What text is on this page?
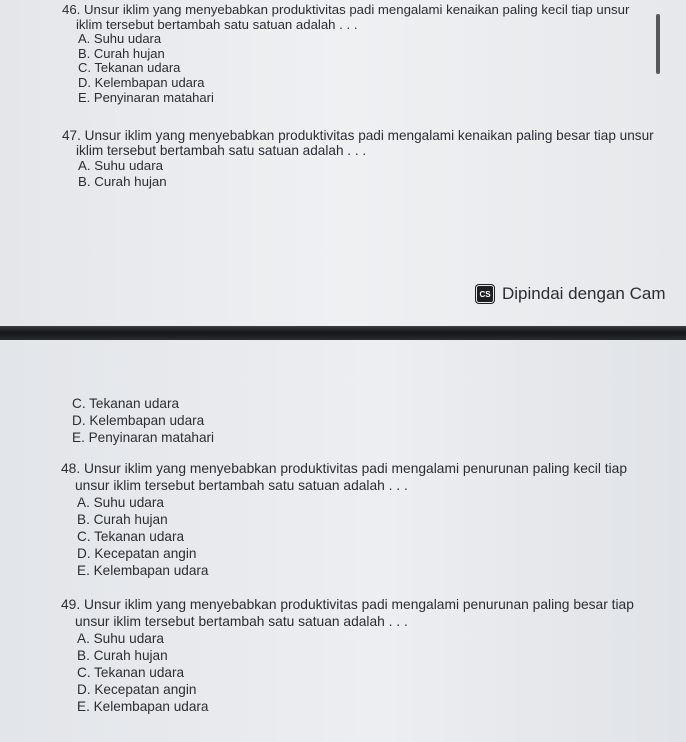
46. Unsur iklim yang menyebabkan produktivitas padi mengalami kenaikan paling kecil tiap unsur

iklim tersebut bertambah satu satuan adalah . . .

A. Suhu udara

B. Curah hujan

C. Tekanan udara

D. Kelembapan udara

E. Penyinaran matahari

47. Unsur iklim yang menyebabkan produktivitas padi mengalami kenaikan paling besar tiap unsur

iklim tersebut bertambah satu satuan adalah . . .

A. Suhu udara

B. Curah hujan

CS Dipindai dengan Cam

C. Tekanan udara

D. Kelembapan udara

E. Penyinaran matahari

48. Unsur iklim yang menyebabkan produktivitas padi mengalami penurunan paling kecil tiap

unsur iklim tersebut bertambah satu satuan adalah . . .

A. Suhu udara

B. Curah hujan

C. Tekanan udara

D. Kecepatan angin

E. Kelembapan udara

49. Unsur iklim yang menyebabkan produktivitas padi mengalami penurunan paling besar tiap

unsur iklim tersebut bertambah satu satuan adalah . . .

A. Suhu udara

B. Curah hujan

C. Tekanan udara

D. Kecepatan angin

E. Kelembapan udara
